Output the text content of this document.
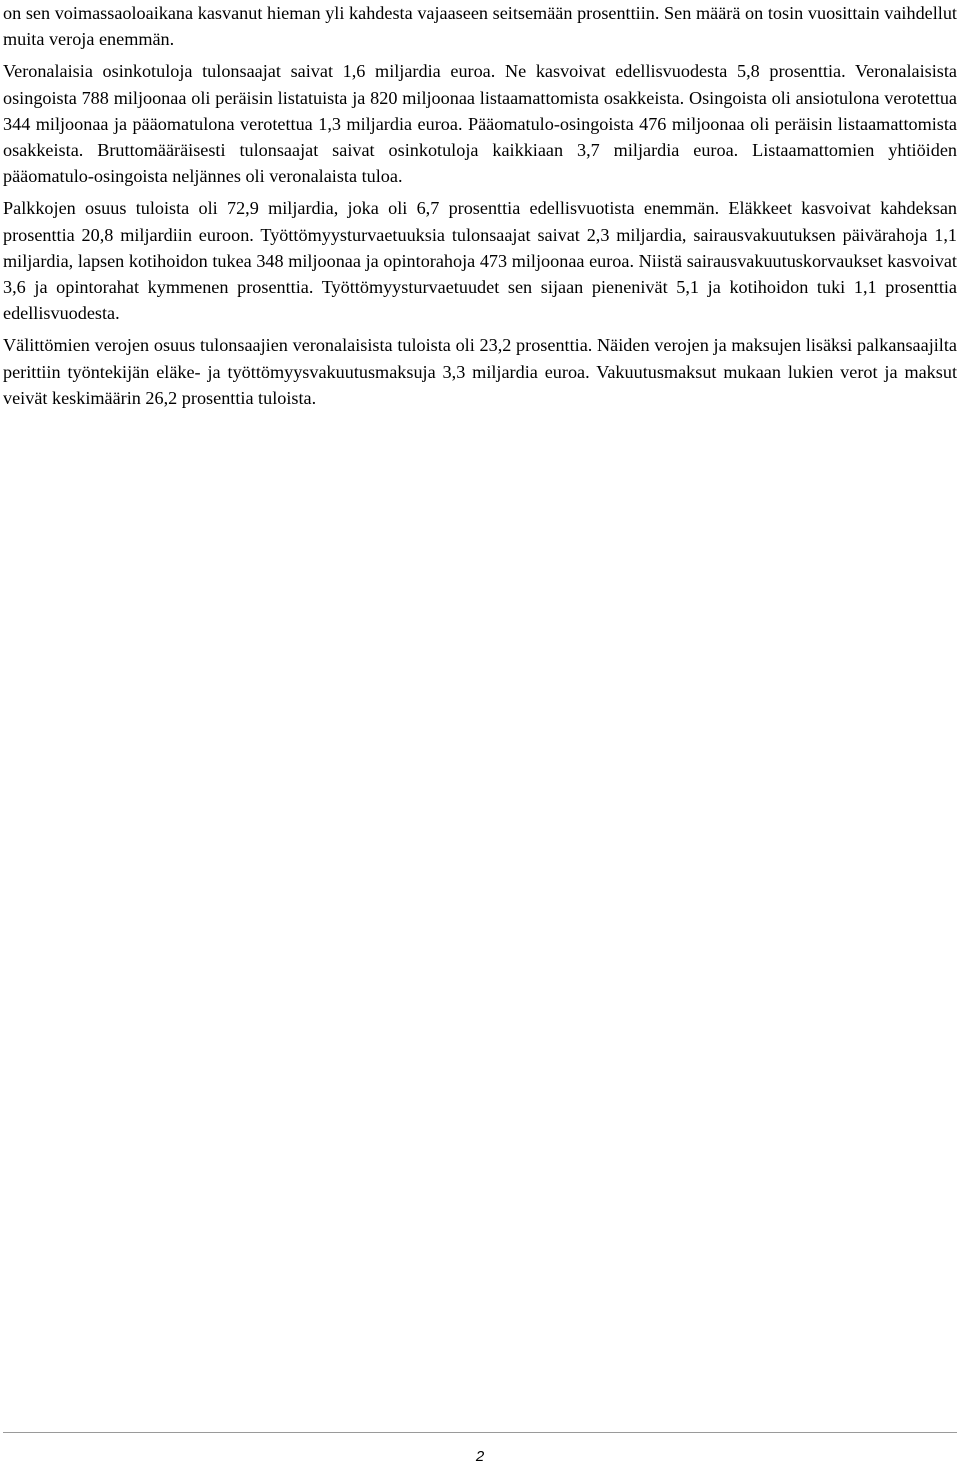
on sen voimassaoloaikana kasvanut hieman yli kahdesta vajaaseen seitsemään prosenttiin. Sen määrä on tosin vuosittain vaihdellut muita veroja enemmän.

Veronalaisia osinkotuloja tulonsaajat saivat 1,6 miljardia euroa. Ne kasvoivat edellisvuodesta 5,8 prosenttia. Veronalaisista osingoista 788 miljoonaa oli peräisin listatuista ja 820 miljoonaa listaamattomista osakkeista. Osingoista oli ansiotulona verotettua 344 miljoonaa ja pääomatulona verotettua 1,3 miljardia euroa. Pääomatulo-osingoista 476 miljoonaa oli peräisin listaamattomista osakkeista. Bruttomääräisesti tulonsaajat saivat osinkotuloja kaikkiaan 3,7 miljardia euroa. Listaamattomien yhtiöiden pääomatulo-osingoista neljännes oli veronalaista tuloa.

Palkkojen osuus tuloista oli 72,9 miljardia, joka oli 6,7 prosenttia edellisvuotista enemmän. Eläkkeet kasvoivat kahdeksan prosenttia 20,8 miljardiin euroon. Työttömyysturvaetuuksia tulonsaajat saivat 2,3 miljardia, sairausvakuutuksen päivärahoja 1,1 miljardia, lapsen kotihoidon tukea 348 miljoonaa ja opintorahoja 473 miljoonaa euroa. Niistä sairausvakuutuskorvaukset kasvoivat 3,6 ja opintorahat kymmenen prosenttia. Työttömyysturvaetuudet sen sijaan pienenivät 5,1 ja kotihoidon tuki 1,1 prosenttia edellisvuodesta.

Välittömien verojen osuus tulonsaajien veronalaisista tuloista oli 23,2 prosenttia. Näiden verojen ja maksujen lisäksi palkansaajilta perittiin työntekijän eläke- ja työttömyysvakuutusmaksuja 3,3 miljardia euroa. Vakuutusmaksut mukaan lukien verot ja maksut veivät keskimäärin 26,2 prosenttia tuloista.

2
